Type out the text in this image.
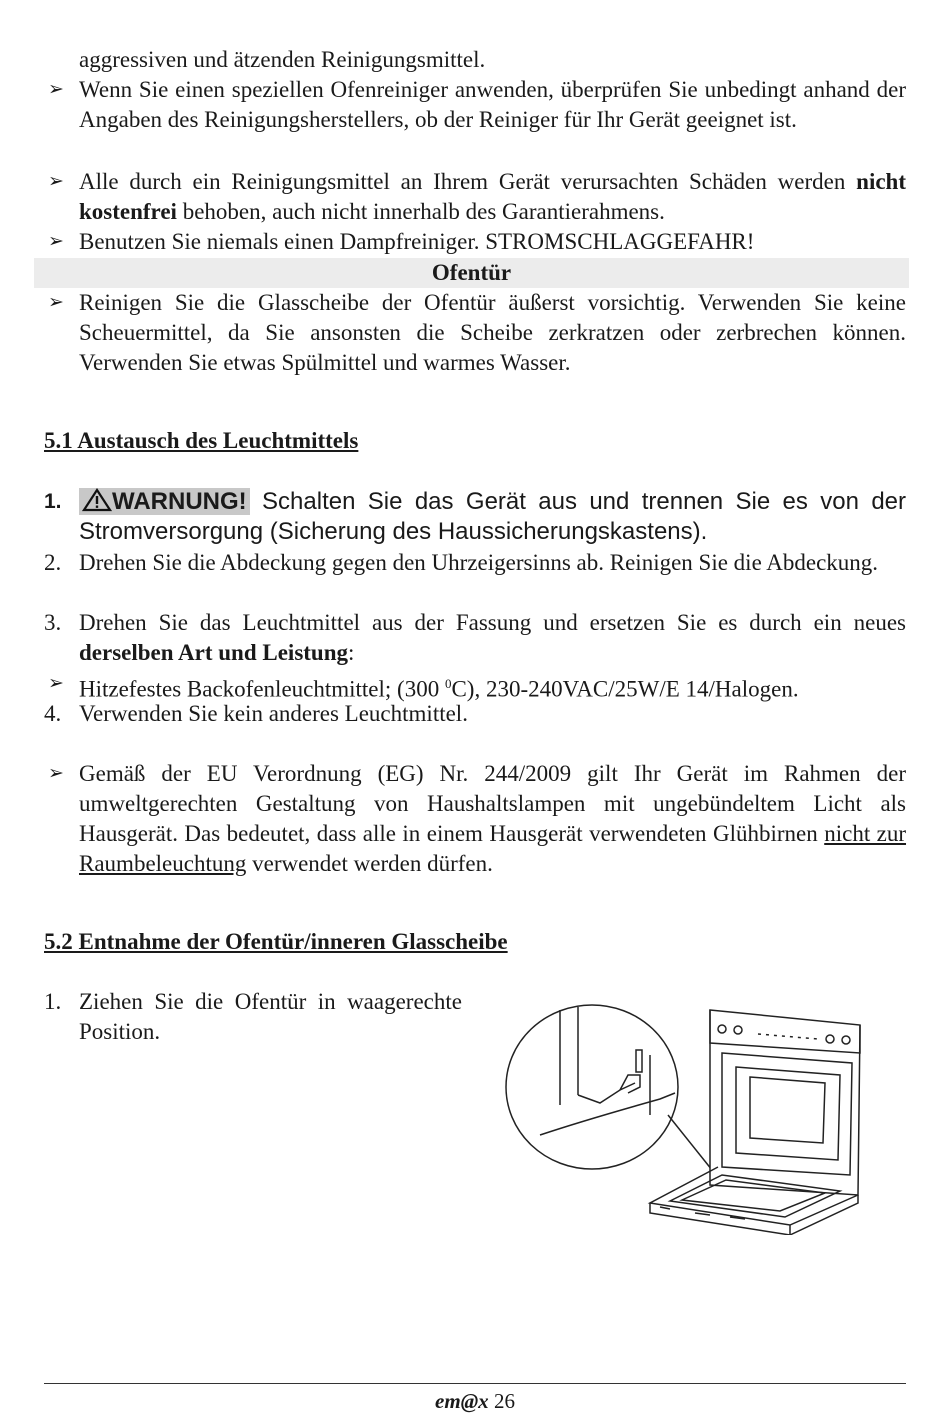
aggressiven und ätzenden Reinigungsmittel.
➢ Wenn Sie einen speziellen Ofenreiniger anwenden, überprüfen Sie unbedingt anhand der Angaben des Reinigungsherstellers, ob der Reiniger für Ihr Gerät geeignet ist.
➢ Alle durch ein Reinigungsmittel an Ihrem Gerät verursachten Schäden werden nicht kostenfrei behoben, auch nicht innerhalb des Garantierahmens.
➢ Benutzen Sie niemals einen Dampfreiniger. STROMSCHLAGGEFAHR!
Ofentür
➢ Reinigen Sie die Glasscheibe der Ofentür äußerst vorsichtig. Verwenden Sie keine Scheuermittel, da Sie ansonsten die Scheibe zerkratzen oder zerbrechen können. Verwenden Sie etwas Spülmittel und warmes Wasser.
5.1 Austausch des Leuchtmittels
1.	WARNUNG! Schalten Sie das Gerät aus und trennen Sie es von der Stromversorgung (Sicherung des Haussicherungskastens).
2. Drehen Sie die Abdeckung gegen den Uhrzeigersinns ab. Reinigen Sie die Abdeckung.
3. Drehen Sie das Leuchtmittel aus der Fassung und ersetzen Sie es durch ein neues derselben Art und Leistung:
➢ Hitzefestes Backofenleuchtmittel; (300 $^0$C), 230-240VAC/25W/E 14/Halogen.
4. Verwenden Sie kein anderes Leuchtmittel.
➢ Gemäß der EU Verordnung (EG) Nr. 244/2009 gilt Ihr Gerät im Rahmen der umweltgerechten Gestaltung von Haushaltslampen mit ungebündeltem Licht als Hausgerät. Das bedeutet, dass alle in einem Hausgerät verwendeten Glühbirnen nicht zur Raumbeleuchtung verwendet werden dürfen.
5.2 Entnahme der Ofentür/inneren Glasscheibe
1. Ziehen Sie die Ofentür in waagerechte Position.
em@x 26
